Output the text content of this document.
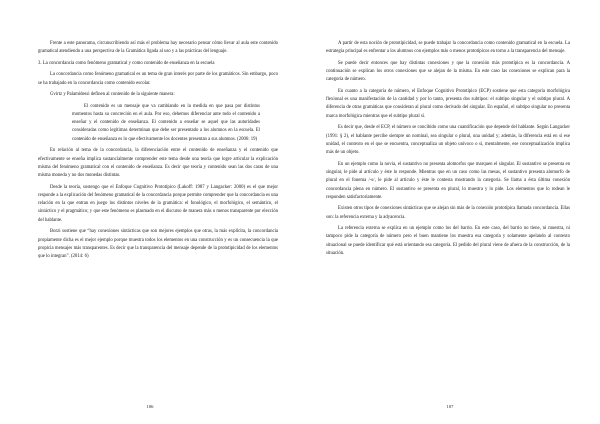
Frente a este panorama, circunscribiendo así más el problema hay necesario pensar cómo llevar al aula este contenido gramatical atendiendo a una perspectiva de la Gramática ligada al uso y a las prácticas del lenguaje.

3. La concordancia como fenómeno gramatical y como contenido de enseñanza en la escuela

La concordancia como fenómeno gramatical es un tema de gran interés por parte de los gramáticos. Sin embargo, poco se ha trabajado en la concordancia como contenido escolar.

Gvirtz y Palamidessi definen al contenido de la siguiente manera:

El contenido es un mensaje que va cambiando en la medida en que pasa por distintos momentos hasta su concreción en el aula. Por eso, debemos diferenciar ante todo el contenido a enseñar y el contenido de enseñanza. El contenido a enseñar se aquel que las autoridades consideradas como legítimas determinan que debe ser presentado a los alumnos en la escuela. El contenido de enseñanza es lo que efectivamente los docentes presentan a sus alumnos. (2006: 19)

En relación al tema de la concordancia, la diferenciación entre el contenido de enseñanza y el contenido que efectivamente se enseña implica sustancialmente comprender este tema desde una teoría que logre articular la explicación misma del fenómeno gramatical con el contenido de enseñanza. Es decir que teoría y contenido sean las dos caras de una misma moneda y no dos monedas distintas.

Desde la teoría, sostengo que el Enfoque Cognitivo Prototípico (Lakoff: 1987 y Langacker: 2000) es el que mejor responde a la explicación del fenómeno gramatical de la concordancia porque permite comprender que la concordancia es una relación en la que entran en juego los distintos niveles de la gramática: el fonológico, el morfológico, el semántico, el sintáctico y el pragmático; y que este fenómeno es plasmado en el discurso de manera más o menos transparente por elección del hablante.

Borzi sostiene que “hay conexiones sintácticas que son mejores ejemplos que otras, la más explícita, la concordancia propiamente dicha es el mejor ejemplo porque muestra todos los elementos en una construcción y es un consecuencia la que propicia mensajes más transparentes. Es decir que la transparencia del mensaje depende de la prototipicidad de los elementos que lo integran”. (2014: 6)

106

A partir de esta noción de prototipicidad, se puede trabajar la concordancia como contenido gramatical en la escuela. La estrategia principal es enfrentar a los alumnos con ejemplos más o menos prototípicos en torno a la transparencia del mensaje.

Se puede decir entonces que hay distintas conexiones y que la conexión más prototípica es la concordancia. A continuación se explican los otros conexiones que se alejan de la misma. En este caso las conexiones se explican para la categoría de número.

En cuanto a la categoría de número, el Enfoque Cognitivo Prototípico (ECP) sostiene que esta categoría morfológica flexional es una manifestación de la cantidad y por lo tanto, presenta dos subtipos: el subtipo singular y el subtipo plural. A diferencia de otras gramáticas que consideran al plural como derivado del singular. En español, el subtipo singular no presenta marca morfológica mientras que el subtipo plural sí.

Es decir que, desde el ECP, el número se concibido como una cuantificación que depende del hablante. Según Langacker (1991: § 2), el hablante percibe siempre un nominal, sea singular o plural, una unidad y; además, la diferencia está en si ese unidad, el contexto en el que se encuentra, conceptualiza un objeto unívoco o si, mentalmente, ese conceptualización implica más de un objeto.

En un ejemplo como la novia, el sustantivo no presenta alomorfos que marquen el singular. El sustantivo se presenta en singular, le pide al artículo y éste lo responde. Mientras que en un caso como las mesas, el sustantivo presenta alomorfo de plural en el fonema /-s/, le pide al artículo y éste le contesta mostrando la categoría. Se llama a ésta última conexión concordancia plena en número. El sustantivo se presenta en plural, lo muestra y lo pide. Los elementos que lo rodean le responden satisfactoriamente.

Existen otros tipos de conexiones sintácticas que se alejan sin más de la conexión prototípica llamada concordancia. Ellas son: la referencia externa y la adyacencia.

La referencia externa se explica en un ejemplo como los del barrio. En este caso, del barrio no tiene, ni muestra, ni tampoco pide la categoría de número pero el buen mantiene los muestra esa categoría y solamente apelando al contexto situacional se puede identificar qué está orientando esa categoría. El pedido del plural viene de afuera de la construcción, de la situación.

107
